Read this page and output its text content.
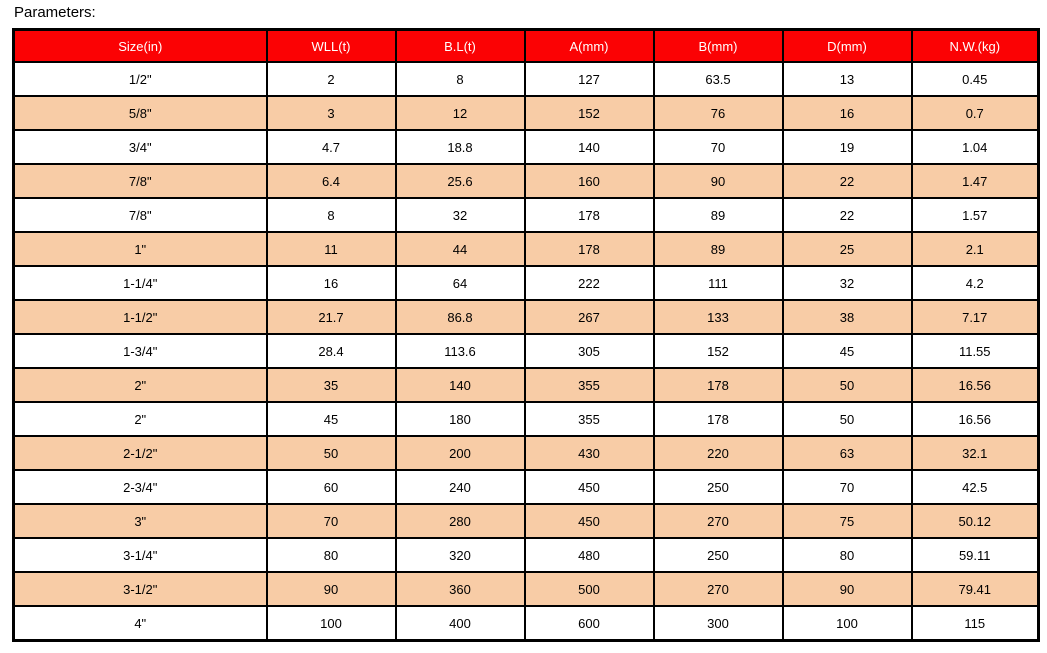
Parameters:
Size(in)	WLL(t)	B.L(t)	A(mm)	B(mm)	D(mm)	N.W.(kg)
1/2"	2	8	127	63.5	13	0.45
5/8"	3	12	152	76	16	0.7
3/4"	4.7	18.8	140	70	19	1.04
7/8"	6.4	25.6	160	90	22	1.47
7/8"	8	32	178	89	22	1.57
1"	11	44	178	89	25	2.1
1-1/4"	16	64	222	111	32	4.2
1-1/2"	21.7	86.8	267	133	38	7.17
1-3/4"	28.4	113.6	305	152	45	11.55
2"	35	140	355	178	50	16.56
2"	45	180	355	178	50	16.56
2-1/2"	50	200	430	220	63	32.1
2-3/4"	60	240	450	250	70	42.5
3"	70	280	450	270	75	50.12
3-1/4"	80	320	480	250	80	59.11
3-1/2"	90	360	500	270	90	79.41
4"	100	400	600	300	100	115
